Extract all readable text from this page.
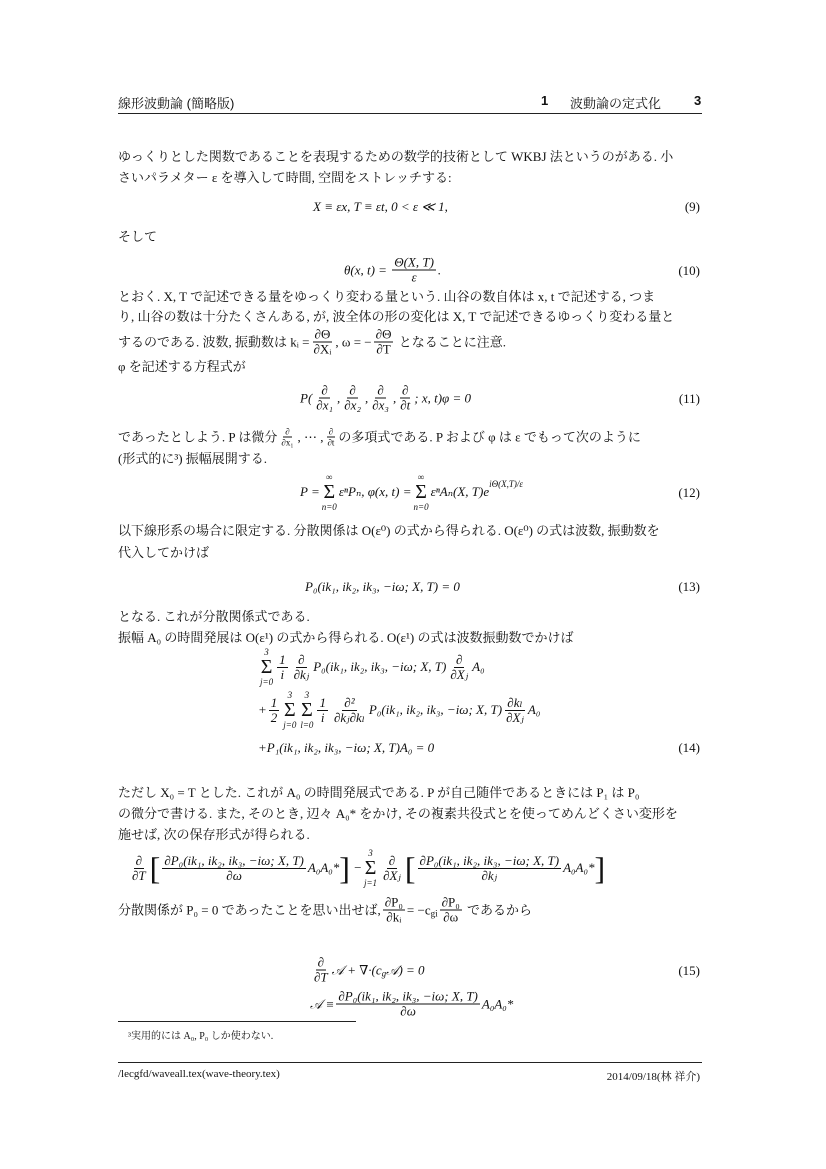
線形波動論 (簡略版)	1 波動論の定式化	3
ゆっくりとした関数であることを表現するための数学的技術として WKBJ 法というのがある. 小
さいパラメター ε を導入して時間, 空間をストレッチする:
X ≡ εx, T ≡ εt, 0 < ε ≪ 1,	(9)
そして
θ(x, t) =
$\frac{\Theta(X, T)}{\varepsilon}$ .	(10)
とおく. X, T で記述できる量をゆっくり変わる量という. 山谷の数自体は x, t で記述する, つま
り, 山谷の数は十分たくさんある, が, 波全体の形の変化は X, T で記述できるゆっくり変わる量と
するのである. 波数, 振動数は kᵢ = $\frac{\partial\Theta}{\text{∂Xᵢ}}$ , ω = − $\frac{\partial\Theta}{\partial T}$
となることに注意.
φ を記述する方程式が
$P( \frac{\partial}{\text{∂x₁}}$ , $\frac{\partial}{\text{∂x₂}}$ , $\frac{\partial}{\text{∂x₃}}$ , $\frac{\partial}{\partial t}$ ; x, t)φ = 0	(11)
であったとしよう. P は微分 $\frac{\partial}{\text{∂x₁}}$ , ⋯ , $\frac{\partial}{\partial t}$ の多項式である. P および φ は ε でもって次のように
(形式的に³) 振幅展開する.
P =
∞
Σ
n=0
εⁿPₙ, φ(x, t) =
∞
Σ
n=0
εⁿAₙ(X, $T)e^{i\Theta(X,T)/\varepsilon}$
(12)
以下線形系の場合に限定する. 分散関係は O(ε⁰) の式から得られる. O(ε⁰) の式は波数, 振動数を
代入してかけば
P₀(ik₁, ik₂, ik₃, −iω; X, T) = 0	(13)
となる. これが分散関係式である.
振幅 A₀ の時間発展は O(ε¹) の式から得られる. O(ε¹) の式は波数振動数でかけば
3
Σ
j=0
$\frac{1}{i} \frac{\partial}{\text{∂kⱼ}} P_0(ik_1$, ik₂, ik₃, −iω; X, $T) \frac{\partial}{\text{∂Xⱼ}} A_0$
+ $\frac{1}{2}$
3
Σ
j=0
3
Σ
l=0
$\frac{1}{i} \frac{\text{∂²}}{\text{∂kⱼ∂kₗ}} P_0(ik_1$, ik₂, ik₃, −iω; X, $T) \frac{\text{∂kₗ}}{\text{∂Xⱼ}} A_0$
+P₁(ik₁, ik₂, ik₃, −iω; X, T)A₀ = 0	(14)
ただし X₀ = T とした. これが A₀ の時間発展式である. P が自己随伴であるときには P₁ は P₀
の微分で書ける. また, そのとき, 辺々 A₀* をかけ, その複素共役式とを使ってめんどくさい変形を
施せば, 次の保存形式が得られる.
$\frac{\partial}{\partial T}$ [ $\frac{\text{∂P₀(ik₁, ik₂, ik₃, −iω; X, T)}}{\partial\omega} A_0A_0*$ ]
−
3
Σ
j=1
$\frac{\partial}{\text{∂Xⱼ}}$ [ $\frac{\text{∂P₀(ik₁, ik₂, ik₃, −iω; X, T)}}{\text{∂kⱼ}} A_0A_0*$ ]
分散関係が P₀ = 0 であったことを思い出せば, $\frac{\text{∂P₀}}{\text{∂kᵢ}} = -c_{gi} \frac{\text{∂P₀}}{\partial\omega}$
であるから
$\frac{\partial}{\partial T}$ 𝒜 + $\nabla\cdot(c_g$ 𝒜) = 0	(15)
𝒜 ≡ $\frac{\text{∂P₀(ik₁, ik₂, ik₃, −iω; X, T)}}{\partial\omega} A_0A_0*$
³実用的には A₀, P₀ しか使わない.
/lecgfd/waveall.tex(wave-theory.tex)	2014/09/18(林 祥介)
